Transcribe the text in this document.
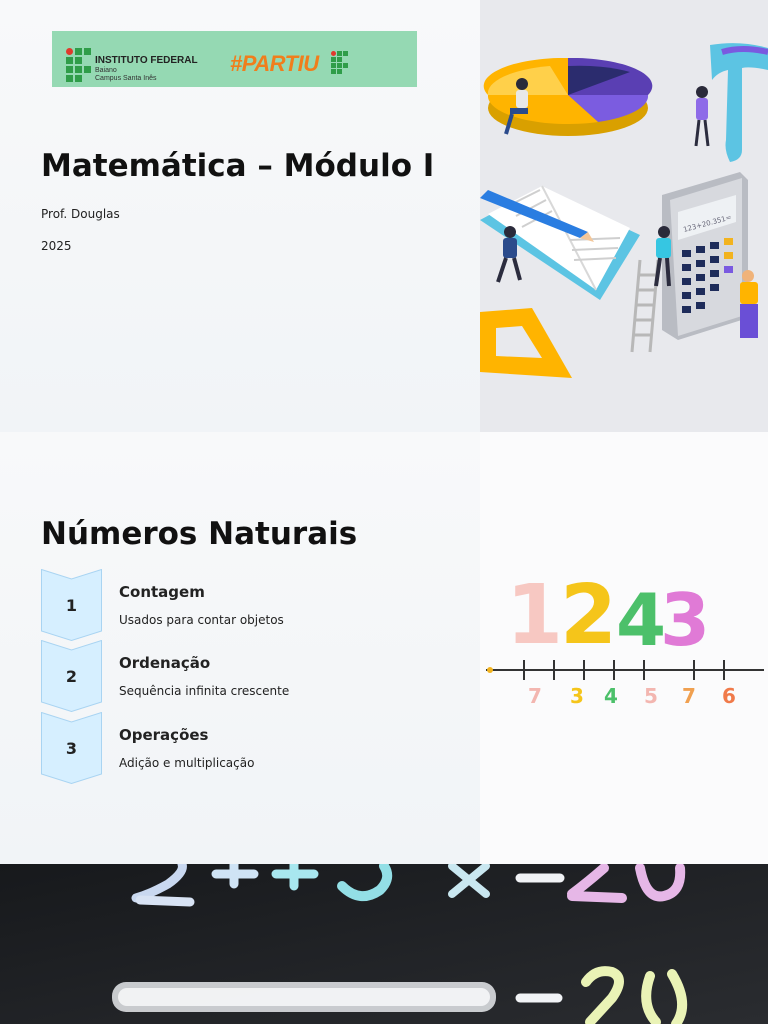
INSTITUTO FEDERAL
Baiano
Campus Santa Inês
#PARTIU
Matemática – Módulo I
Prof. Douglas
2025
123+20.351=
Números Naturais
1
Contagem
Usados para contar objetos
2
Ordenação
Sequência infinita crescente
3
Operações
Adição e multiplicação
1
2
4
3
7 3 4 5 7 6
